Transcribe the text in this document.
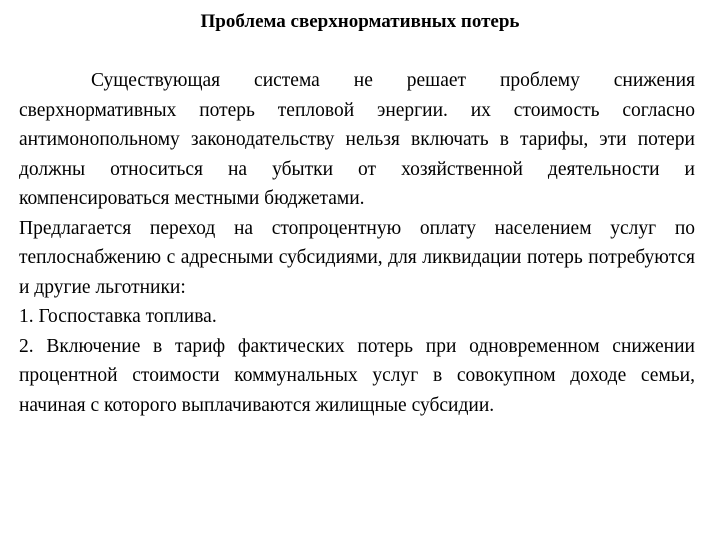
Проблема сверхнормативных потерь

Существующая система не решает проблему снижения сверхнормативных потерь тепловой энергии. их стоимость согласно антимонопольному законодательству нельзя включать в тарифы, эти потери должны относиться на убытки от хозяйственной деятельности и компенсироваться местными бюджетами.

Предлагается переход на стопроцентную оплату населением услуг по теплоснабжению с адресными субсидиями, для ликвидации потерь потребуются и другие льготники:

1. Госпоставка топлива.

2. Включение в тариф фактических потерь при одновременном снижении процентной стоимости коммунальных услуг в совокупном доходе семьи, начиная с которого выплачиваются жилищные субсидии.
